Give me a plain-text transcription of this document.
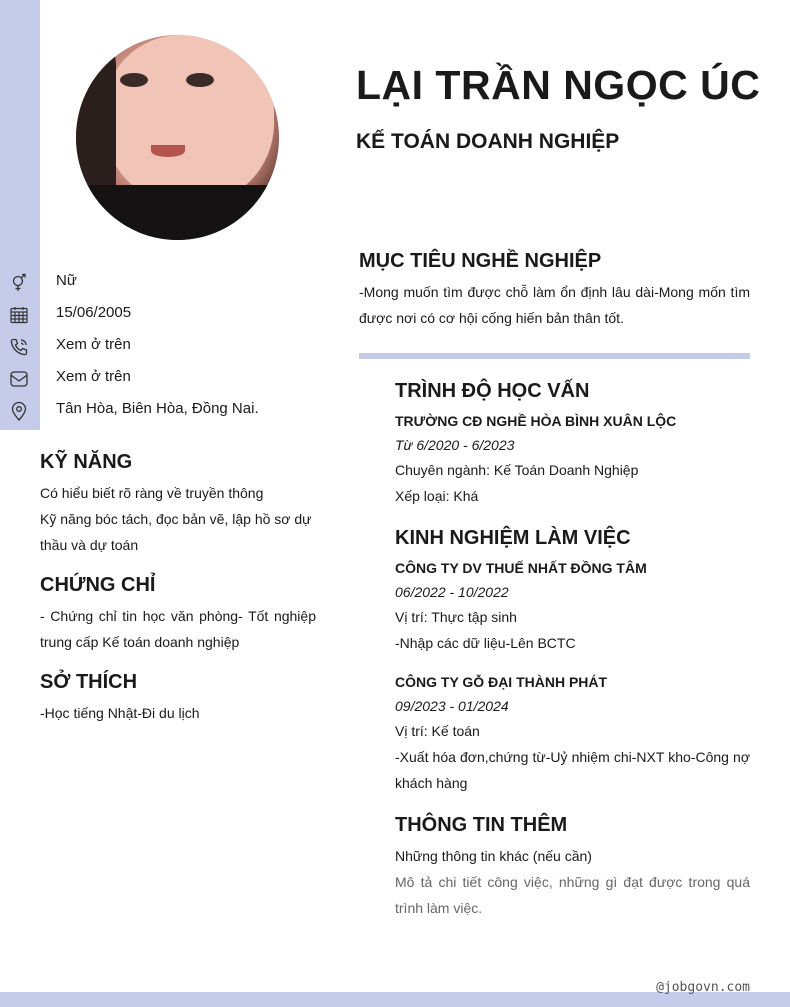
LẠI TRẦN NGỌC ÚC
KẾ TOÁN DOANH NGHIỆP
Nữ
15/06/2005
Xem ở trên
Xem ở trên
Tân Hòa, Biên Hòa, Đồng Nai.
KỸ NĂNG

Có hiểu biết rõ ràng về truyền thông

Kỹ năng bóc tách, đọc bản vẽ, lập hồ sơ dự thầu và dự toán

CHỨNG CHỈ

- Chứng chỉ tin học văn phòng- Tốt nghiệp trung cấp Kế toán doanh nghiệp

SỞ THÍCH

-Học tiếng Nhật-Đi du lịch

MỤC TIÊU NGHỀ NGHIỆP

-Mong muốn tìm được chỗ làm ổn định lâu dài-Mong mốn tìm được nơi có cơ hội cống hiến bản thân tốt.

TRÌNH ĐỘ HỌC VẤN

TRƯỜNG CĐ NGHỀ HÒA BÌNH XUÂN LỘC

Từ 6/2020 - 6/2023

Chuyên ngành: Kế Toán Doanh Nghiệp

Xếp loại: Khá

KINH NGHIỆM LÀM VIỆC

CÔNG TY DV THUẾ NHẤT ĐỒNG TÂM

06/2022 - 10/2022

Vị trí: Thực tập sinh

-Nhập các dữ liệu-Lên BCTC

CÔNG TY GỖ ĐẠI THÀNH PHÁT

09/2023 - 01/2024

Vị trí: Kế toán

-Xuất hóa đơn,chứng từ-Uỷ nhiệm chi-NXT kho-Công nợ khách hàng

THÔNG TIN THÊM

Những thông tin khác (nếu cần)

Mô tả chi tiết công việc, những gì đạt được trong quá trình làm việc.

@jobgovn.com
